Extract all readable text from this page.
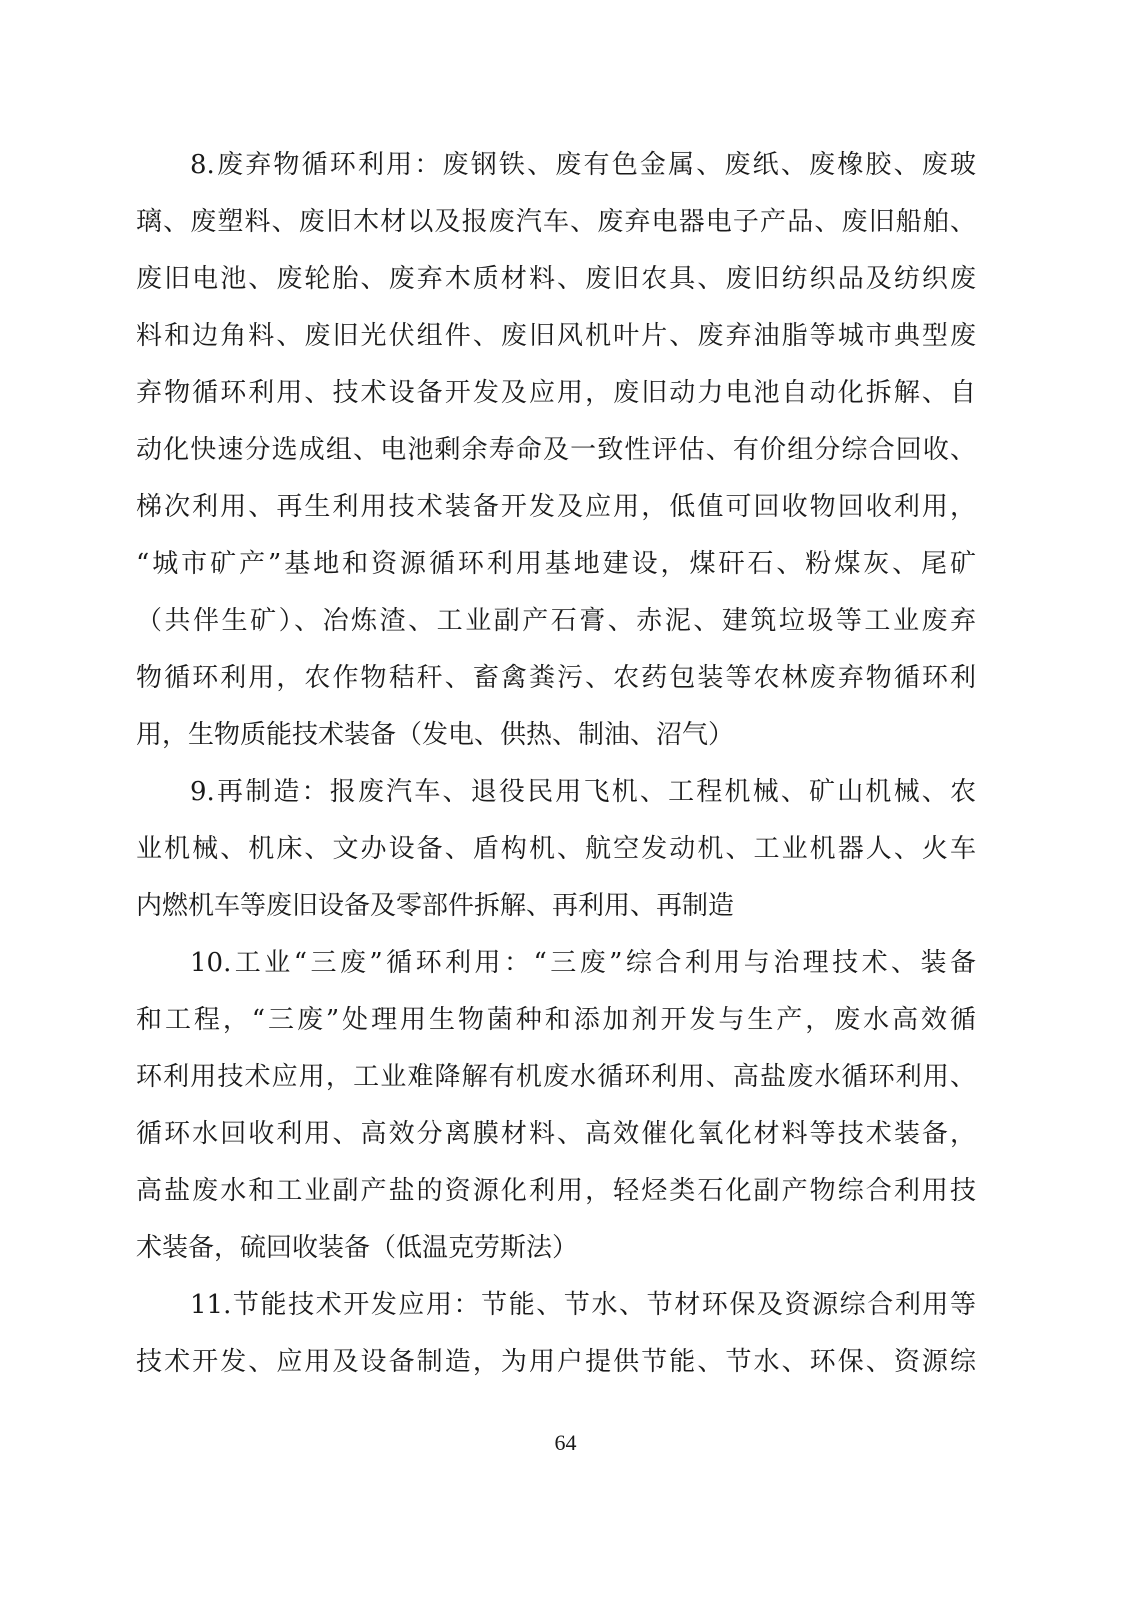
8.废弃物循环利用：废钢铁、废有色金属、废纸、废橡胶、废玻
璃、废塑料、废旧木材以及报废汽车、废弃电器电子产品、废旧船舶、
废旧电池、废轮胎、废弃木质材料、废旧农具、废旧纺织品及纺织废
料和边角料、废旧光伏组件、废旧风机叶片、废弃油脂等城市典型废
弃物循环利用、技术设备开发及应用，废旧动力电池自动化拆解、自
动化快速分选成组、电池剩余寿命及一致性评估、有价组分综合回收、
梯次利用、再生利用技术装备开发及应用，低值可回收物回收利用，
“城市矿产”基地和资源循环利用基地建设，煤矸石、粉煤灰、尾矿
（共伴生矿）、冶炼渣、工业副产石膏、赤泥、建筑垃圾等工业废弃
物循环利用，农作物秸秆、畜禽粪污、农药包装等农林废弃物循环利
用，生物质能技术装备（发电、供热、制油、沼气）
9.再制造：报废汽车、退役民用飞机、工程机械、矿山机械、农
业机械、机床、文办设备、盾构机、航空发动机、工业机器人、火车
内燃机车等废旧设备及零部件拆解、再利用、再制造
10.工业“三废”循环利用：“三废”综合利用与治理技术、装备
和工程，“三废”处理用生物菌种和添加剂开发与生产，废水高效循
环利用技术应用，工业难降解有机废水循环利用、高盐废水循环利用、
循环水回收利用、高效分离膜材料、高效催化氧化材料等技术装备，
高盐废水和工业副产盐的资源化利用，轻烃类石化副产物综合利用技
术装备，硫回收装备（低温克劳斯法）
11.节能技术开发应用：节能、节水、节材环保及资源综合利用等
技术开发、应用及设备制造，为用户提供节能、节水、环保、资源综
64
